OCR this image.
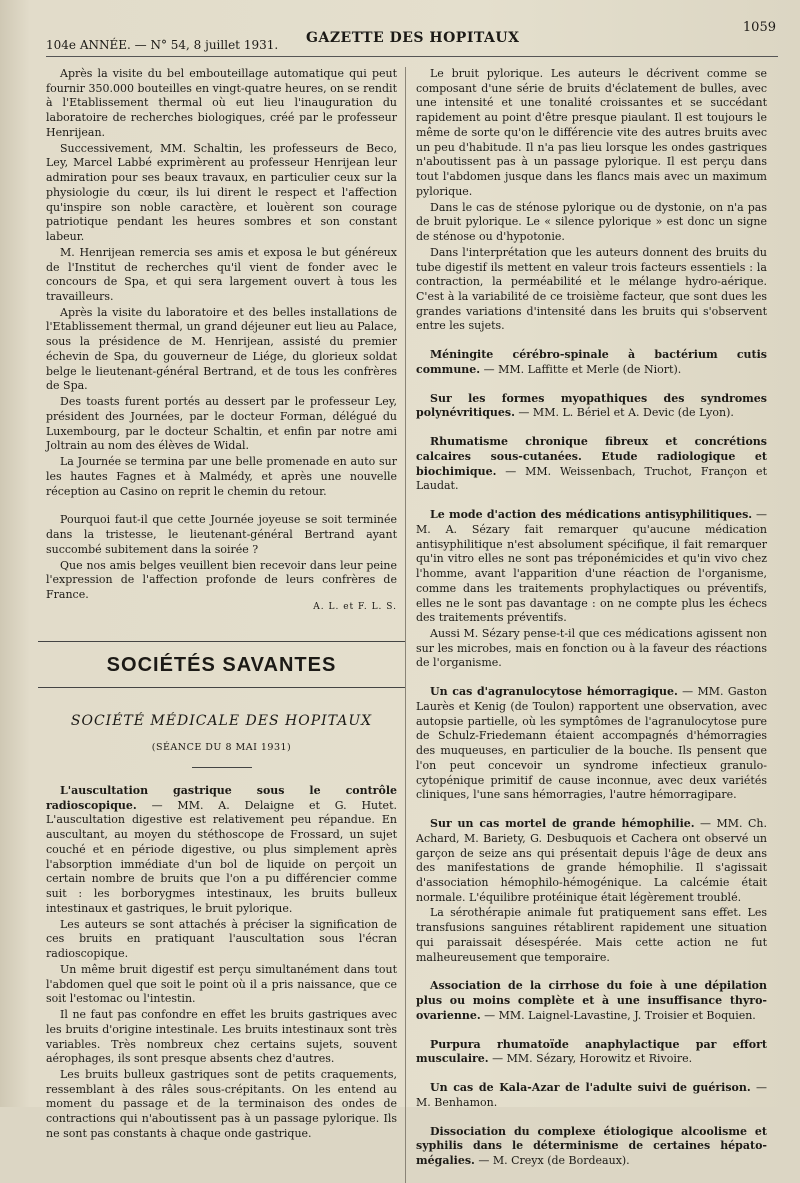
104e ANNÉE. — N° 54, 8 juillet 1931. GAZETTE DES HOPITAUX
1059

Après la visite du bel embouteillage automatique qui peut fournir 350.000 bouteilles en vingt-quatre heures, on se rendit à l'Etablissement thermal où eut lieu l'inauguration du laboratoire de recherches biologiques, créé par le professeur Henrijean.

Successivement, MM. Schaltin, les professeurs de Beco, Ley, Marcel Labbé exprimèrent au professeur Henrijean leur admiration pour ses beaux travaux, en particulier ceux sur la physiologie du cœur, ils lui dirent le respect et l'affection qu'inspire son noble caractère, et louèrent son courage patriotique pendant les heures sombres et son constant labeur.

M. Henrijean remercia ses amis et exposa le but généreux de l'Institut de recherches qu'il vient de fonder avec le concours de Spa, et qui sera largement ouvert à tous les travailleurs.

Après la visite du laboratoire et des belles installations de l'Etablissement thermal, un grand déjeuner eut lieu au Palace, sous la présidence de M. Henrijean, assisté du premier échevin de Spa, du gouverneur de Liége, du glorieux soldat belge le lieutenant-général Bertrand, et de tous les confrères de Spa.

Des toasts furent portés au dessert par le professeur Ley, président des Journées, par le docteur Forman, délégué du Luxembourg, par le docteur Schaltin, et enfin par notre ami Joltrain au nom des élèves de Widal.

La Journée se termina par une belle promenade en auto sur les hautes Fagnes et à Malmédy, et après une nouvelle réception au Casino on reprit le chemin du retour.

Pourquoi faut-il que cette Journée joyeuse se soit terminée dans la tristesse, le lieutenant-général Bertrand ayant succombé subitement dans la soirée ?

Que nos amis belges veuillent bien recevoir dans leur peine l'expression de l'affection profonde de leurs confrères de France.

A. L. et F. L. S.
SOCIÉTÉS SAVANTES
SOCIÉTÉ MÉDICALE DES HOPITAUX
(SÉANCE DU 8 MAI 1931)

L'auscultation gastrique sous le contrôle radioscopique. — MM. A. Delaigne et G. Hutet. L'auscultation digestive est relativement peu répandue. En auscultant, au moyen du stéthoscope de Frossard, un sujet couché et en période digestive, ou plus simplement après l'absorption immédiate d'un bol de liquide on perçoit un certain nombre de bruits que l'on a pu différencier comme suit : les borborygmes intestinaux, les bruits bulleux intestinaux et gastriques, le bruit pylorique.

Les auteurs se sont attachés à préciser la signification de ces bruits en pratiquant l'auscultation sous l'écran radioscopique.

Un même bruit digestif est perçu simultanément dans tout l'abdomen quel que soit le point où il a pris naissance, que ce soit l'estomac ou l'intestin.

Il ne faut pas confondre en effet les bruits gastriques avec les bruits d'origine intestinale. Les bruits intestinaux sont très variables. Très nombreux chez certains sujets, souvent aérophages, ils sont presque absents chez d'autres.

Les bruits bulleux gastriques sont de petits craquements, ressemblant à des râles sous-crépitants. On les entend au moment du passage et de la terminaison des ondes de contractions qui n'aboutissent pas à un passage pylorique. Ils ne sont pas constants à chaque onde gastrique.

Le bruit pylorique. Les auteurs le décrivent comme se composant d'une série de bruits d'éclatement de bulles, avec une intensité et une tonalité croissantes et se succédant rapidement au point d'être presque piaulant. Il est toujours le même de sorte qu'on le différencie vite des autres bruits avec un peu d'habitude. Il n'a pas lieu lorsque les ondes gastriques n'aboutissent pas à un passage pylorique. Il est perçu dans tout l'abdomen jusque dans les flancs mais avec un maximum pylorique.

Dans le cas de sténose pylorique ou de dystonie, on n'a pas de bruit pylorique. Le « silence pylorique » est donc un signe de sténose ou d'hypotonie.

Dans l'interprétation que les auteurs donnent des bruits du tube digestif ils mettent en valeur trois facteurs essentiels : la contraction, la perméabilité et le mélange hydro-aérique. C'est à la variabilité de ce troisième facteur, que sont dues les grandes variations d'intensité dans les bruits qui s'observent entre les sujets.

Méningite cérébro-spinale à bactérium cutis commune. — MM. Laffitte et Merle (de Niort).

Sur les formes myopathiques des syndromes polynévritiques. — MM. L. Bériel et A. Devic (de Lyon).

Rhumatisme chronique fibreux et concrétions calcaires sous-cutanées. Etude radiologique et biochimique. — MM. Weissenbach, Truchot, Françon et Laudat.

Le mode d'action des médications antisyphilitiques. — M. A. Sézary fait remarquer qu'aucune médication antisyphilitique n'est absolument spécifique, il fait remarquer qu'in vitro elles ne sont pas tréponémicides et qu'in vivo chez l'homme, avant l'apparition d'une réaction de l'organisme, comme dans les traitements prophylactiques ou préventifs, elles ne le sont pas davantage : on ne compte plus les échecs des traitements préventifs.

Aussi M. Sézary pense-t-il que ces médications agissent non sur les microbes, mais en fonction ou à la faveur des réactions de l'organisme.

Un cas d'agranulocytose hémorragique. — MM. Gaston Laurès et Kenig (de Toulon) rapportent une observation, avec autopsie partielle, où les symptômes de l'agranulocytose pure de Schulz-Friedemann étaient accompagnés d'hémorragies des muqueuses, en particulier de la bouche. Ils pensent que l'on peut concevoir un syndrome infectieux granulo-cytopénique primitif de cause inconnue, avec deux variétés cliniques, l'une sans hémorragies, l'autre hémorragipare.

Sur un cas mortel de grande hémophilie. — MM. Ch. Achard, M. Bariety, G. Desbuquois et Cachera ont observé un garçon de seize ans qui présentait depuis l'âge de deux ans des manifestations de grande hémophilie. Il s'agissait d'association hémophilo-hémogénique. La calcémie était normale. L'équilibre protéinique était légèrement troublé.

La sérothérapie animale fut pratiquement sans effet. Les transfusions sanguines rétablirent rapidement une situation qui paraissait désespérée. Mais cette action ne fut malheureusement que temporaire.

Association de la cirrhose du foie à une dépilation plus ou moins complète et à une insuffisance thyro-ovarienne. — MM. Laignel-Lavastine, J. Troisier et Boquien.

Purpura rhumatoïde anaphylactique par effort musculaire. — MM. Sézary, Horowitz et Rivoire.

Un cas de Kala-Azar de l'adulte suivi de guérison. — M. Benhamon.

Dissociation du complexe étiologique alcoolisme et syphilis dans le déterminisme de certaines hépato-mégalies. — M. Creyx (de Bordeaux).
